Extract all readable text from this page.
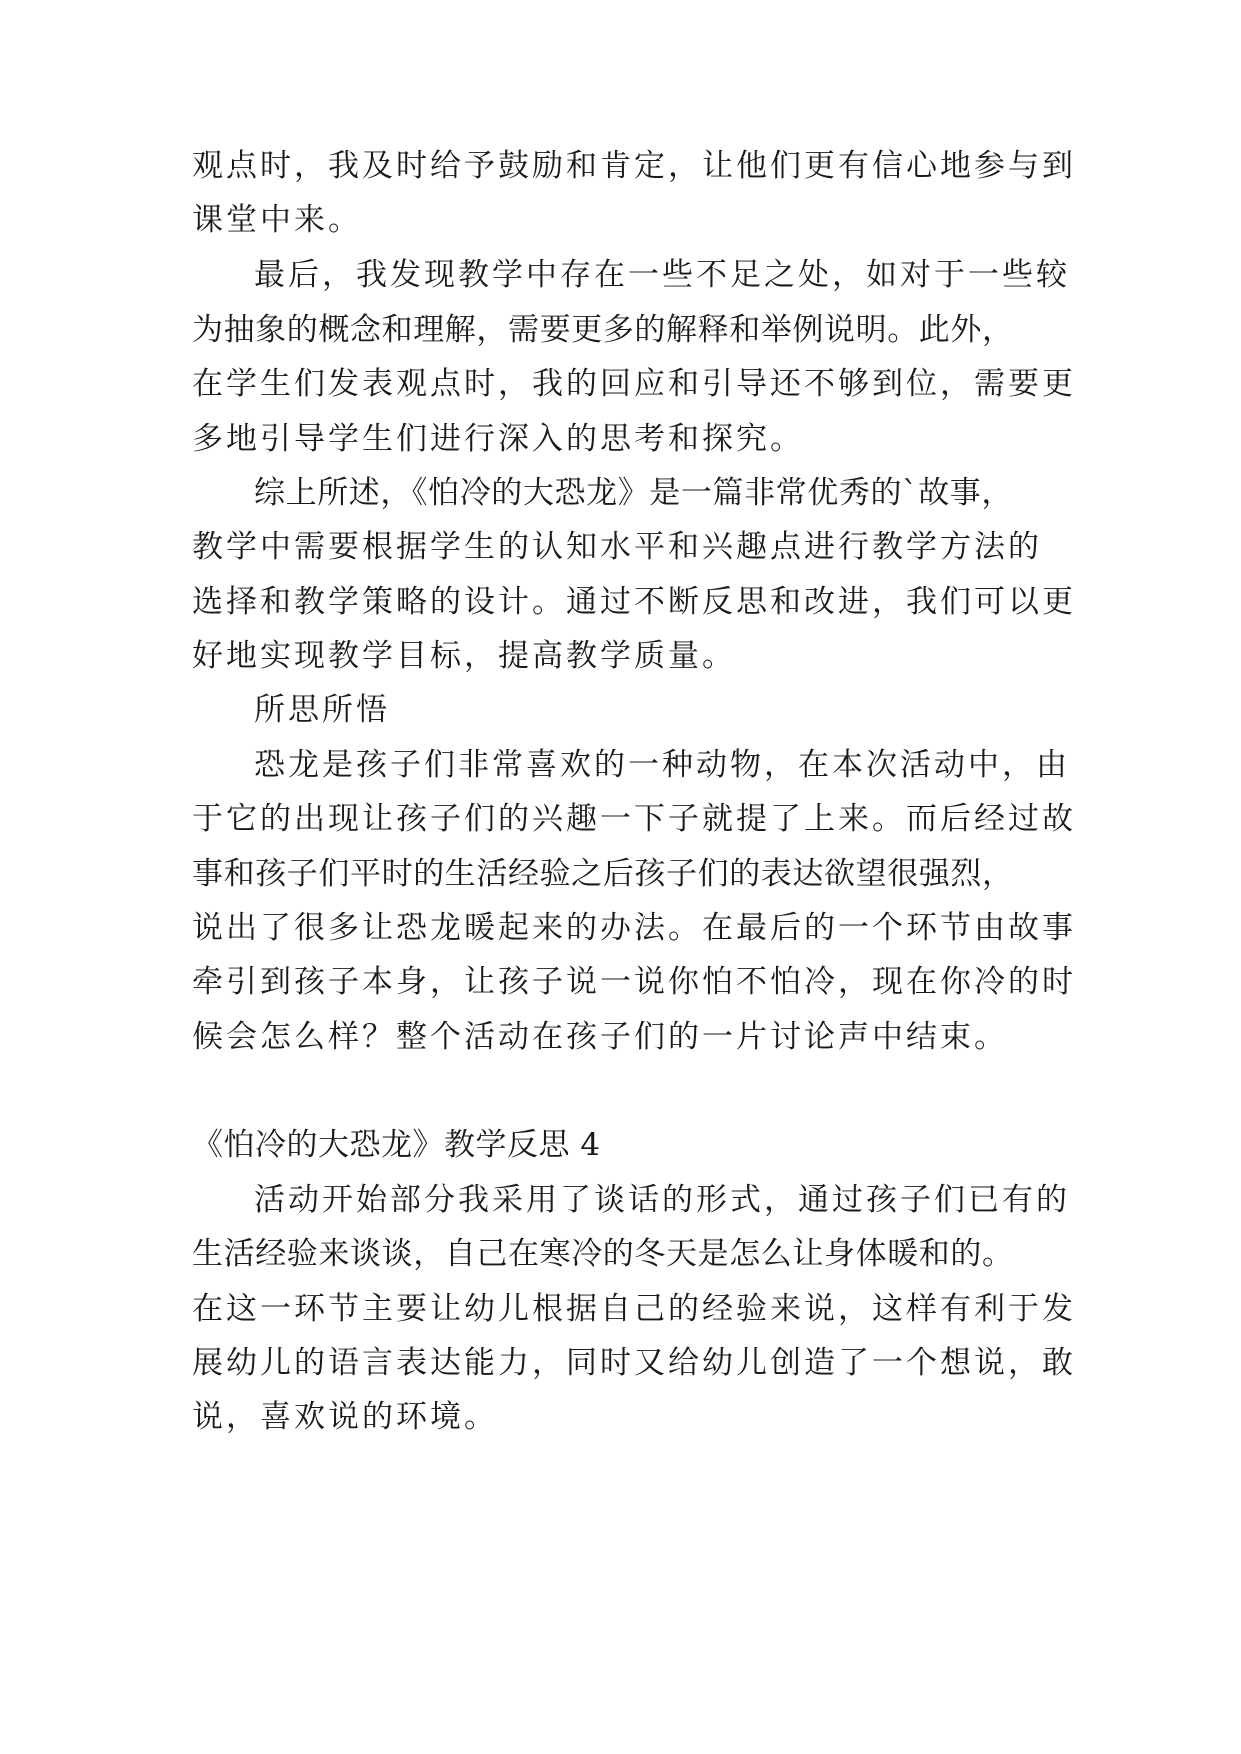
观点时，我及时给予鼓励和肯定，让他们更有信心地参与到
课堂中来。
最后，我发现教学中存在一些不足之处，如对于一些较
为抽象的概念和理解，需要更多的解释和举例说明。此外，
在学生们发表观点时，我的回应和引导还不够到位，需要更
多地引导学生们进行深入的思考和探究。
综上所述，《怕冷的大恐龙》是一篇非常优秀的`故事，
教学中需要根据学生的认知水平和兴趣点进行教学方法的
选择和教学策略的设计。通过不断反思和改进，我们可以更
好地实现教学目标，提高教学质量。
所思所悟
恐龙是孩子们非常喜欢的一种动物，在本次活动中，由
于它的出现让孩子们的兴趣一下子就提了上来。而后经过故
事和孩子们平时的生活经验之后孩子们的表达欲望很强烈，
说出了很多让恐龙暖起来的办法。在最后的一个环节由故事
牵引到孩子本身，让孩子说一说你怕不怕冷，现在你冷的时
候会怎么样？整个活动在孩子们的一片讨论声中结束。
《怕冷的大恐龙》教学反思 4
活动开始部分我采用了谈话的形式，通过孩子们已有的
生活经验来谈谈，自己在寒冷的冬天是怎么让身体暖和的。
在这一环节主要让幼儿根据自己的经验来说，这样有利于发
展幼儿的语言表达能力，同时又给幼儿创造了一个想说，敢
说，喜欢说的环境。
